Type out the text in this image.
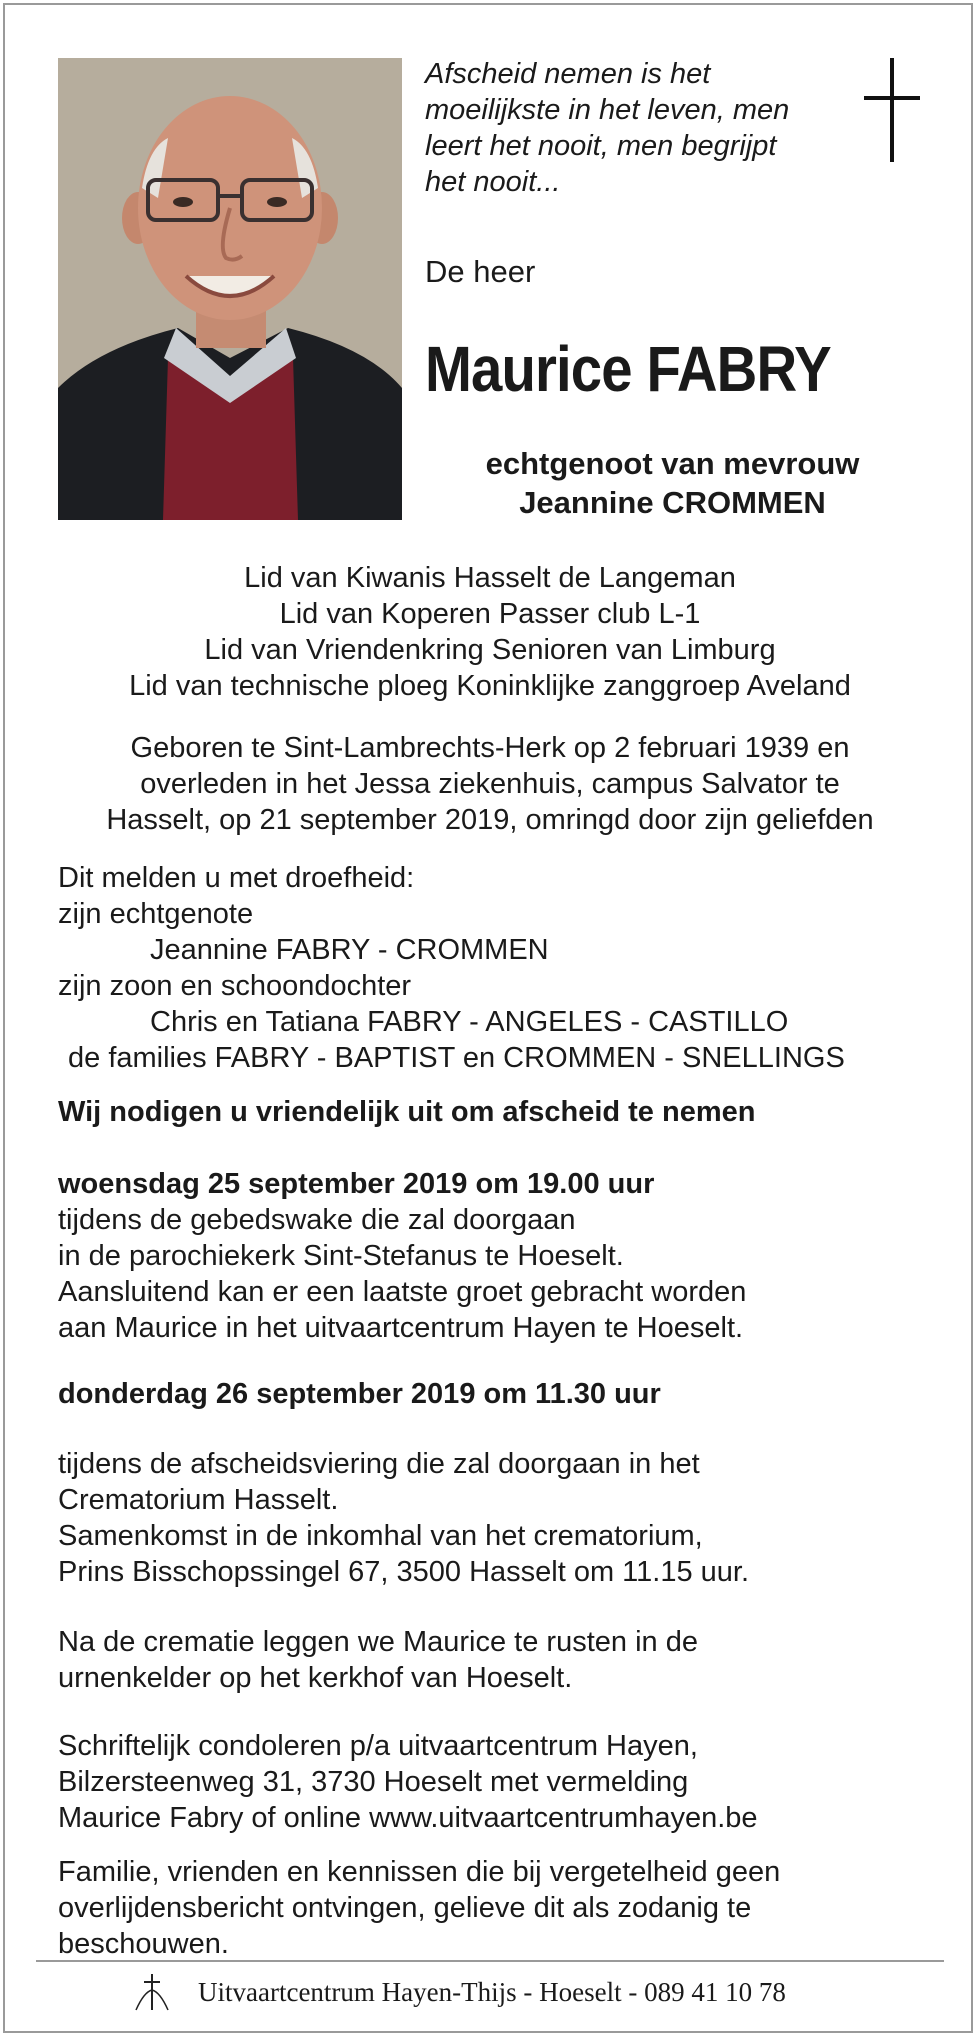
Afscheid nemen is het

moeilijkste in het leven, men

leert het nooit, men begrijpt

het nooit...

De heer
Maurice FABRY

echtgenoot van mevrouw

Jeannine CROMMEN

Lid van Kiwanis Hasselt de Langeman

Lid van Koperen Passer club L-1

Lid van Vriendenkring Senioren van Limburg

Lid van technische ploeg Koninklijke zanggroep Aveland

Geboren te Sint-Lambrechts-Herk op 2 februari 1939 en

overleden in het Jessa ziekenhuis, campus Salvator te

Hasselt, op 21 september 2019, omringd door zijn geliefden

Dit melden u met droefheid:

zijn echtgenote

Jeannine FABRY - CROMMEN

zijn zoon en schoondochter

Chris en Tatiana FABRY - ANGELES - CASTILLO

de families FABRY - BAPTIST en CROMMEN - SNELLINGS

Wij nodigen u vriendelijk uit om afscheid te nemen

woensdag 25 september 2019 om 19.00 uur

tijdens de gebedswake die zal doorgaan

in de parochiekerk Sint-Stefanus te Hoeselt.

Aansluitend kan er een laatste groet gebracht worden

aan Maurice in het uitvaartcentrum Hayen te Hoeselt.

donderdag 26 september 2019 om 11.30 uur

tijdens de afscheidsviering die zal doorgaan in het

Crematorium Hasselt.

Samenkomst in de inkomhal van het crematorium,

Prins Bisschopssingel 67, 3500 Hasselt om 11.15 uur.

Na de crematie leggen we Maurice te rusten in de

urnenkelder op het kerkhof van Hoeselt.

Schriftelijk condoleren p/a uitvaartcentrum Hayen,

Bilzersteenweg 31, 3730 Hoeselt met vermelding

Maurice Fabry of online www.uitvaartcentrumhayen.be

Familie, vrienden en kennissen die bij vergetelheid geen

overlijdensbericht ontvingen, gelieve dit als zodanig te

beschouwen.

Uitvaartcentrum Hayen-Thijs - Hoeselt - 089 41 10 78
